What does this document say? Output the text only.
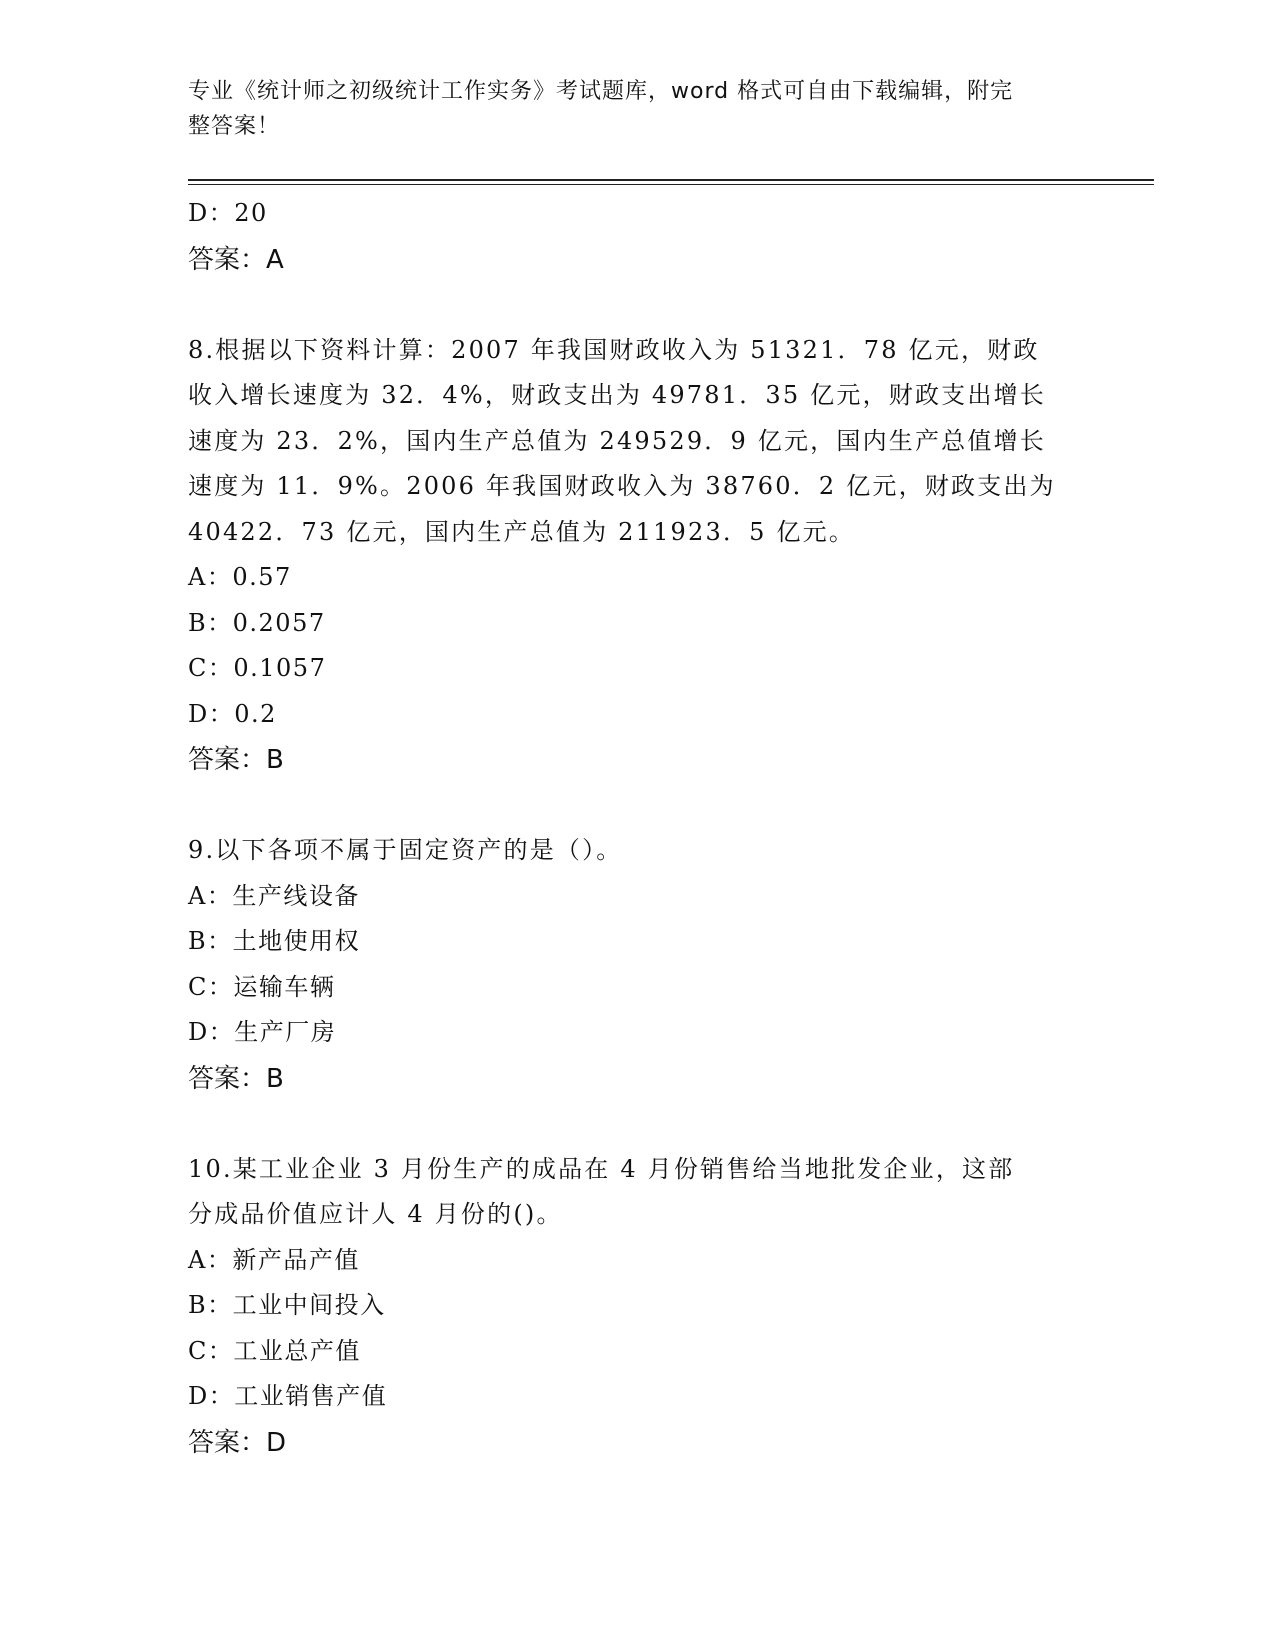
专业《统计师之初级统计工作实务》考试题库，word 格式可自由下载编辑，附完
整答案！
D：20
答案：A
8.根据以下资料计算：2007 年我国财政收入为 51321．78 亿元，财政
收入增长速度为 32．4%，财政支出为 49781．35 亿元，财政支出增长
速度为 23．2%，国内生产总值为 249529．9 亿元，国内生产总值增长
速度为 11．9%。2006 年我国财政收入为 38760．2 亿元，财政支出为
40422．73 亿元，国内生产总值为 211923．5 亿元。
A：0.57
B：0.2057
C：0.1057
D：0.2
答案：B
9.以下各项不属于固定资产的是（）。
A：生产线设备
B：土地使用权
C：运输车辆
D：生产厂房
答案：B
10.某工业企业 3 月份生产的成品在 4 月份销售给当地批发企业，这部
分成品价值应计人 4 月份的()。
A：新产品产值
B：工业中间投入
C：工业总产值
D：工业销售产值
答案：D
